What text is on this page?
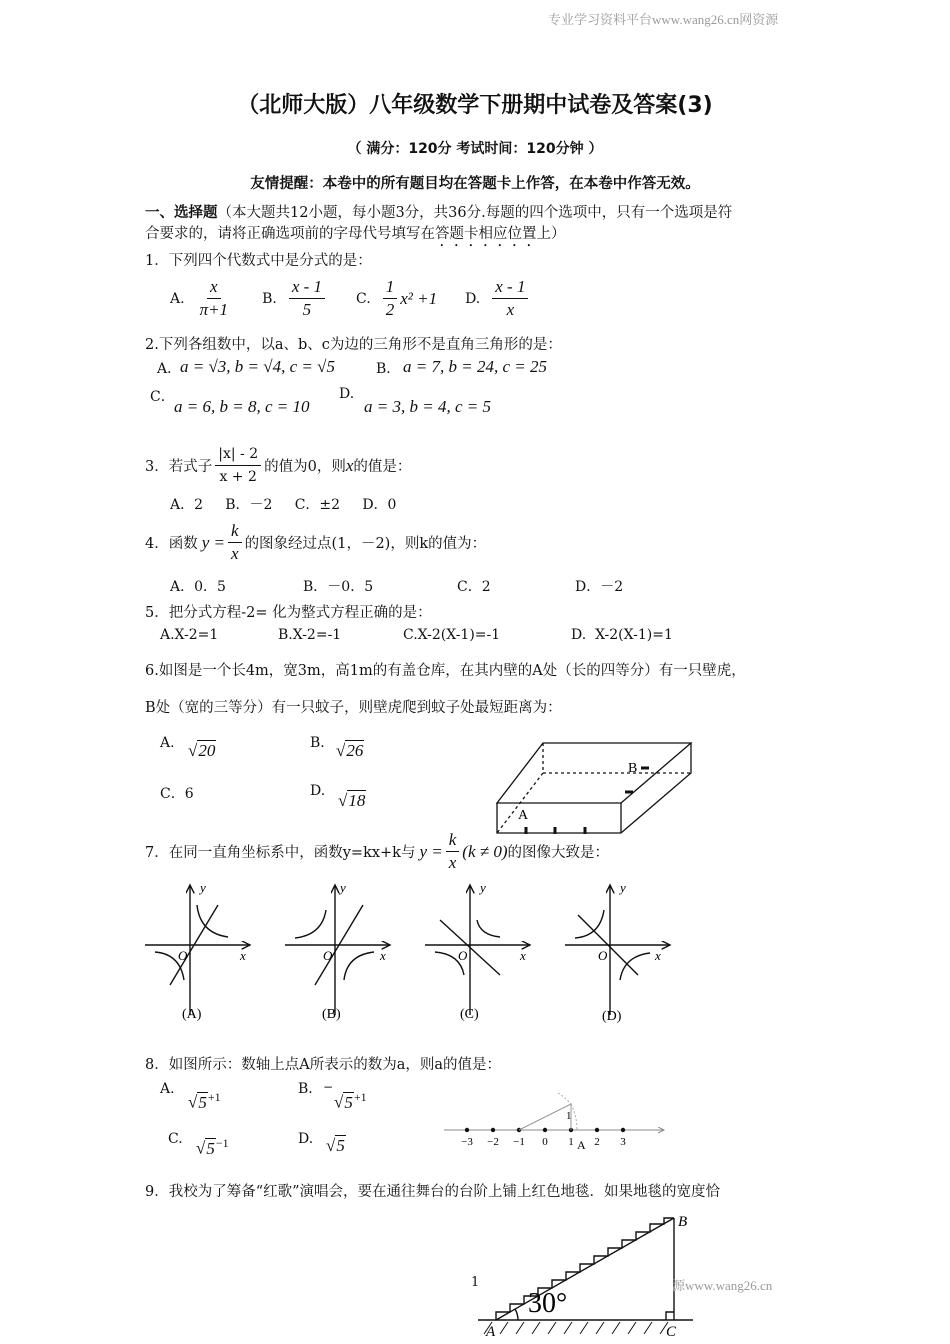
专业学习资料平台www.wang26.cn网资源
（北师大版）八年级数学下册期中试卷及答案(3)
（ 满分：120分 考试时间：120分钟 ）
友情提醒：本卷中的所有题目均在答题卡上作答，在本卷中作答无效。
一、选择题（本大题共12小题，每小题3分，共36分.每题的四个选项中，只有一个选项是符
合要求的，请将正确选项前的字母代号填写在答题卡相应位置上）
1．下列四个代数式中是分式的是：
A. $\frac{x}{\pi+1} B$. $\frac{x - 1}{5} C$. $\frac{1}{2} x^2 +1$ D. $\frac{x - 1}{x}$
2.下列各组数中，以a、b、c为边的三角形不是直角三角形的是：
A．
a = √3, b = √4, c = √5	B． a = 7, b = 24, c = 25
C． a = 6, b = 8, c = 10
D.
a = 3, b = 4, c = 5
3．若式子 $\frac{|x| - 2}{x + 2}$ 的值为0，则 x 的值是：
A．2     B．－2     C．±2     D．0
4．函数 $y = \frac{k}{x}$ 的图象经过点(1，－2)，则k的值为：
A．0．5	B．－0．5	C．2	D．－2
5．把分式方程-2= 化为整式方程正确的是：
A.X-2=1	B.X-2=-1	C.X-2(X-1)=-1	D.  X-2(X-1)=1
6.如图是一个长4m，宽3m，高1m的有盖仓库，在其内壁的A处（长的四等分）有一只壁虎，
B处（宽的三等分）有一只蚊子，则壁虎爬到蚊子处最短距离为：
A. √20	B. √26
C．6	D. √18
A
B
7．在同一直角坐标系中，函数y=kx+k与 $y = \frac{k}{x} (k \ne 0)$ 的图像大致是：
y
x
O
y
x
O
y
x
O
y
x
O
(A)	(B)	(C)	(D)
8．如图所示：数轴上点A所表示的数为a，则a的值是：
A.
$√5^{+1}$	B. −
$√5^{+1}$
C. $√5^{-1}$	D. √5
1
−3 −2 −1 0 1 2 3
A
9．我校为了筹备“红歌”演唱会，要在通往舞台的台阶上铺上红色地毯．如果地毯的宽度恰
30°
A
B
C
1	源www.wang26.cn
